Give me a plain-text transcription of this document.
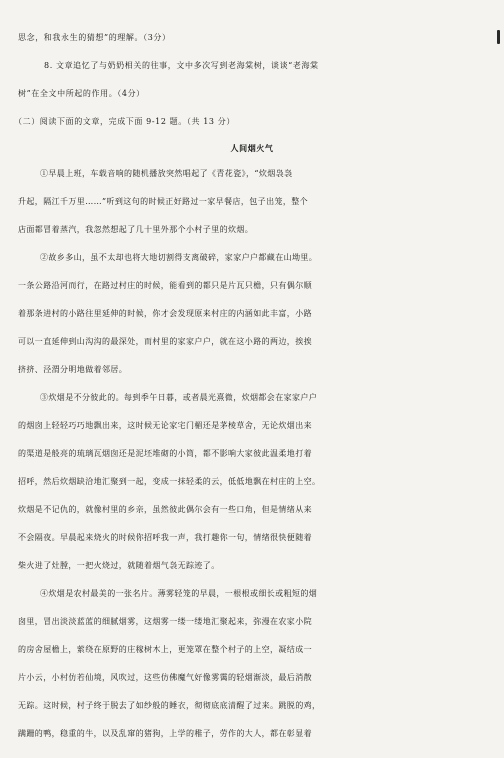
思念，和我永生的猜想”的理解。（3分）
8. 文章追忆了与奶奶相关的往事，文中多次写到老海棠树，谈谈“老海棠
树”在全文中所起的作用。（4分）
（二）阅读下面的文章，完成下面 9-12 题。（共 13 分）
人间烟火气
①早晨上班，车载音响的随机播放突然唱起了《青花瓷》，“炊烟袅袅
升起，隔江千万里……”听到这句的时候正好路过一家早餐店，包子出笼，整个
店面都冒着蒸汽，我忽然想起了几十里外那个小村子里的炊烟。
②故乡多山，虽不太却也将大地切割得支离破碎，家家户户都藏在山坳里。
一条公路沿河而行，在路过村庄的时候，能看到的都只是片瓦只檐，只有偶尔顺
着那条进村的小路往里延伸的时候，你才会发现原来村庄的内涵如此丰富，小路
可以一直延伸到山沟沟的最深处，而村里的家家户户，就在这小路的两边，挨挨
挤挤、泾渭分明地做着邻居。
③炊烟是不分彼此的。每到季午日暮，或者晨光熹微，炊烟都会在家家户户
的烟囱上轻轻巧巧地飘出来，这时候无论家宅门楣还是茅棱草舍，无论炊烟出来
的渠道是般亮的琉璃瓦烟囱还是泥坯堆砌的小筒，都不影响大家彼此温柔地打着
招呼，然后炊烟缺洽地汇聚到一起，变成一抹轻柔的云，低低地飘在村庄的上空。
炊烟是不记仇的，就像村里的乡亲，虽然彼此偶尔会有一些口角，但是情绪从来
不会隔夜。早晨起来烧火的时候你招呼我一声，我打趣你一句，情绪很快便随着
柴火进了灶膛，一把火烧过，就随着烟气袅无踪迹了。
④炊烟是农村最美的一张名片。薄雾轻笼的早晨，一根根或细长或粗短的烟
囱里，冒出淡淡蓝蓝的细腻烟雾，这烟雾一缕一缕地汇聚起来，弥漫在农家小院
的房舍屋檐上，萦绕在原野的庄稼树木上，更笼罩在整个村子的上空，凝结成一
片小云，小村仿若仙境，风吹过，这些仿佛魔气好像雾霭的轻烟渐淡，最后消散
无踪。这时候，村子终于脱去了如纱般的睡衣，彻彻底底清醒了过来。跳脱的鸡，
蹒跚的鸭，稳重的牛，以及乱窜的猪狗，上学的稚子，劳作的大人，都在彰显着
